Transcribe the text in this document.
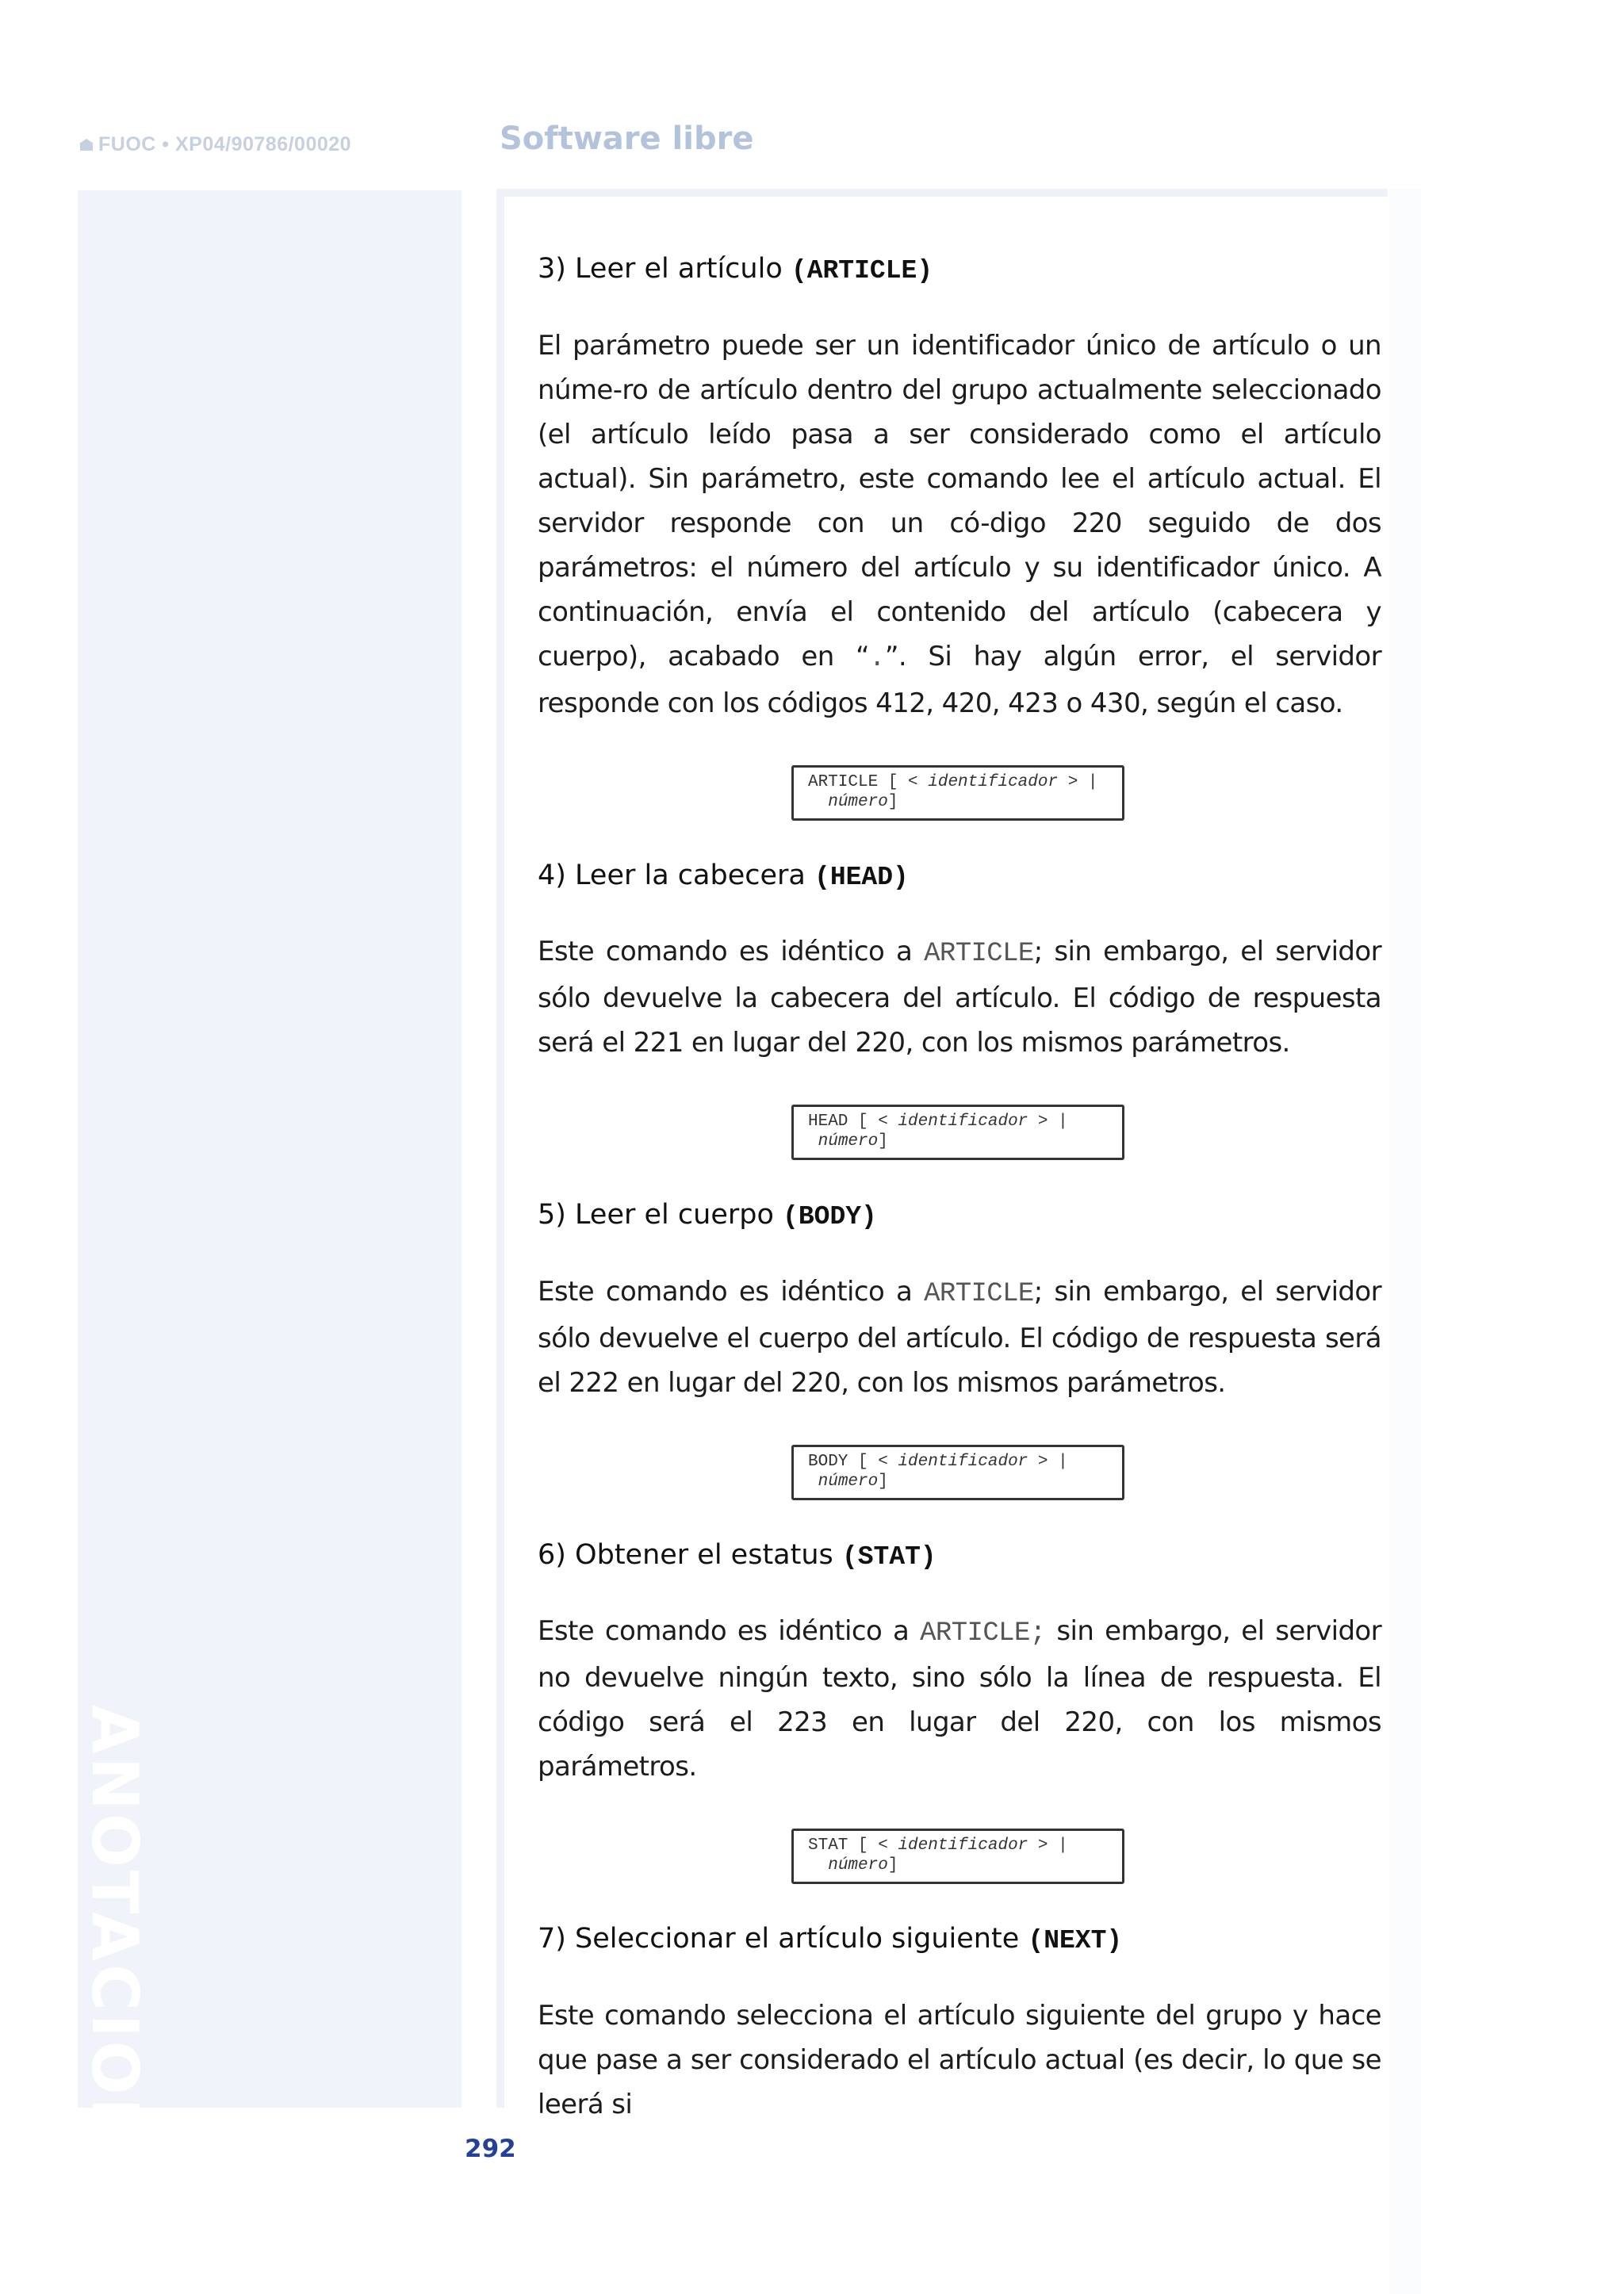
FUOC • XP04/90786/00020	Software libre
ANOTACIONES
3) Leer el artículo (ARTICLE)

El parámetro puede ser un identificador único de artículo o un núme-ro de artículo dentro del grupo actualmente seleccionado (el artículo leído pasa a ser considerado como el artículo actual). Sin parámetro, este comando lee el artículo actual. El servidor responde con un có-digo 220 seguido de dos parámetros: el número del artículo y su identificador único. A continuación, envía el contenido del artículo (cabecera y cuerpo), acabado en “.”. Si hay algún error, el servidor responde con los códigos 412, 420, 423 o 430, según el caso.

ARTICLE [ < identificador > |
número]
4) Leer la cabecera (HEAD)

Este comando es idéntico a ARTICLE; sin embargo, el servidor sólo devuelve la cabecera del artículo. El código de respuesta será el 221 en lugar del 220, con los mismos parámetros.

HEAD [ < identificador > |
número]
5) Leer el cuerpo (BODY)

Este comando es idéntico a ARTICLE; sin embargo, el servidor sólo devuelve el cuerpo del artículo. El código de respuesta será el 222 en lugar del 220, con los mismos parámetros.

BODY [ < identificador > |
número]
6) Obtener el estatus (STAT)

Este comando es idéntico a ARTICLE; sin embargo, el servidor no devuelve ningún texto, sino sólo la línea de respuesta. El código será el 223 en lugar del 220, con los mismos parámetros.

STAT [ < identificador > |
número]
7) Seleccionar el artículo siguiente (NEXT)

Este comando selecciona el artículo siguiente del grupo y hace que pase a ser considerado el artículo actual (es decir, lo que se leerá si

292
